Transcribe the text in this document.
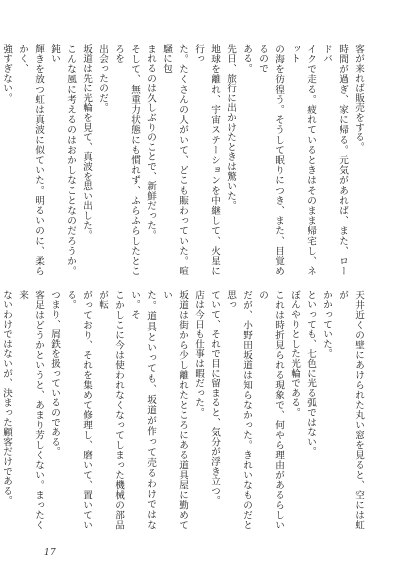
客が来れば販売をする。

時間が過ぎ、家に帰る。元気があれば、また、ロードバ

イクで走る。疲れているときはそのまま帰宅し、ネット

の海を彷徨う。そうして眠りにつき、また、目覚めるので

ある。

先日、旅行に出かけたときは驚いた。

地球を離れ、宇宙ステーションを中継して、火星に行っ

た。たくさんの人がいて、どこも賑わっていた。喧騒に包

まれるのは久しぶりのことで、新鮮だった。

そして、無重力状態にも慣れず、ふらふらしたところを

出会ったのだ。

坂道は先に光輪を見て、真波を思い出した。

こんな風に考えるのはおかしなことなのだろうか。鈍い

輝きを放つ虹は真波に似ていた。明るいのに、柔らかく、

強すぎない。

天井近くの壁にあけられた丸い窓を見ると、空には虹が

かかっていた。

といっても、七色に光る弧ではない。

ぼんやりとした光輪である。

これは時折見られる現象で、何やら理由があるらしいの

だが、小野田坂道は知らなかった。きれいなものだと思っ

ていて、それで目に留まると、気分が浮き立つ。

店は今日も仕事は暇だった。

坂道は街から少し離れたところにある道具屋に勤めてい

た。道具といっても、坂道が作って売るわけではない。そ

こかしこに今は使われなくなってしまった機械の部品が転

がっており、それを集めて修理し、磨いて、置いている。

つまり、屑鉄を扱っているのである。

客足はどうかというと、あまり芳しくない。まったく来

ないわけではないが、決まった顧客だけである。

17
